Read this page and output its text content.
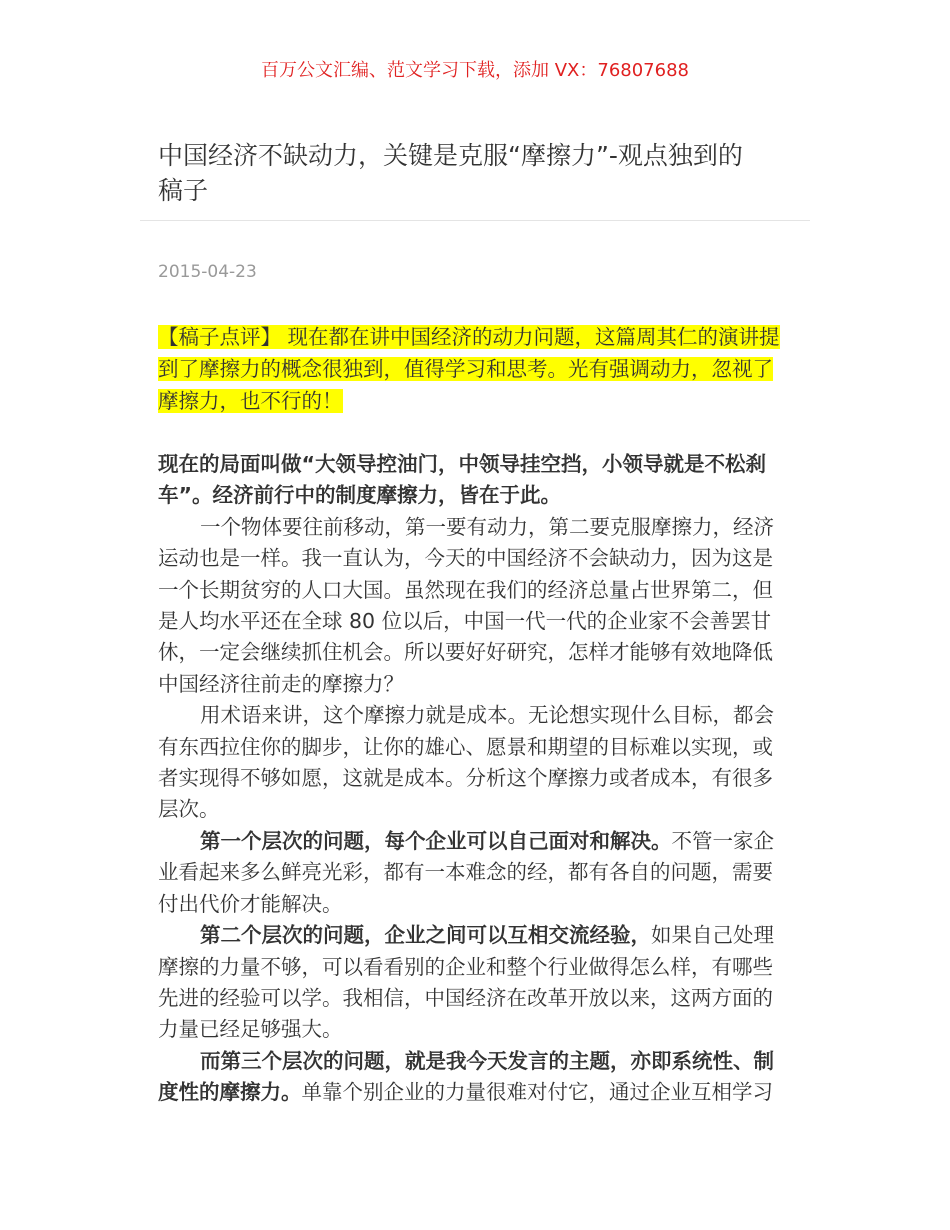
百万公文汇编、范文学习下载，添加 VX：76807688
中国经济不缺动力，关键是克服“摩擦力”-观点独到的
稿子
2015-04-23
【稿子点评】 现在都在讲中国经济的动力问题，这篇周其仁的演讲提
到了摩擦力的概念很独到，值得学习和思考。光有强调动力，忽视了
摩擦力，也不行的！
现在的局面叫做“大领导控油门，中领导挂空挡，小领导就是不松刹
车”。经济前行中的制度摩擦力，皆在于此。
一个物体要往前移动，第一要有动力，第二要克服摩擦力，经济
运动也是一样。我一直认为，今天的中国经济不会缺动力，因为这是
一个长期贫穷的人口大国。虽然现在我们的经济总量占世界第二，但
是人均水平还在全球 80 位以后，中国一代一代的企业家不会善罢甘
休，一定会继续抓住机会。所以要好好研究，怎样才能够有效地降低
中国经济往前走的摩擦力？
用术语来讲，这个摩擦力就是成本。无论想实现什么目标，都会
有东西拉住你的脚步，让你的雄心、愿景和期望的目标难以实现，或
者实现得不够如愿，这就是成本。分析这个摩擦力或者成本，有很多
层次。
第一个层次的问题，每个企业可以自己面对和解决。不管一家企
业看起来多么鲜亮光彩，都有一本难念的经，都有各自的问题，需要
付出代价才能解决。
第二个层次的问题，企业之间可以互相交流经验，如果自己处理
摩擦的力量不够，可以看看别的企业和整个行业做得怎么样，有哪些
先进的经验可以学。我相信，中国经济在改革开放以来，这两方面的
力量已经足够强大。
而第三个层次的问题，就是我今天发言的主题，亦即系统性、制
度性的摩擦力。单靠个别企业的力量很难对付它，通过企业互相学习
